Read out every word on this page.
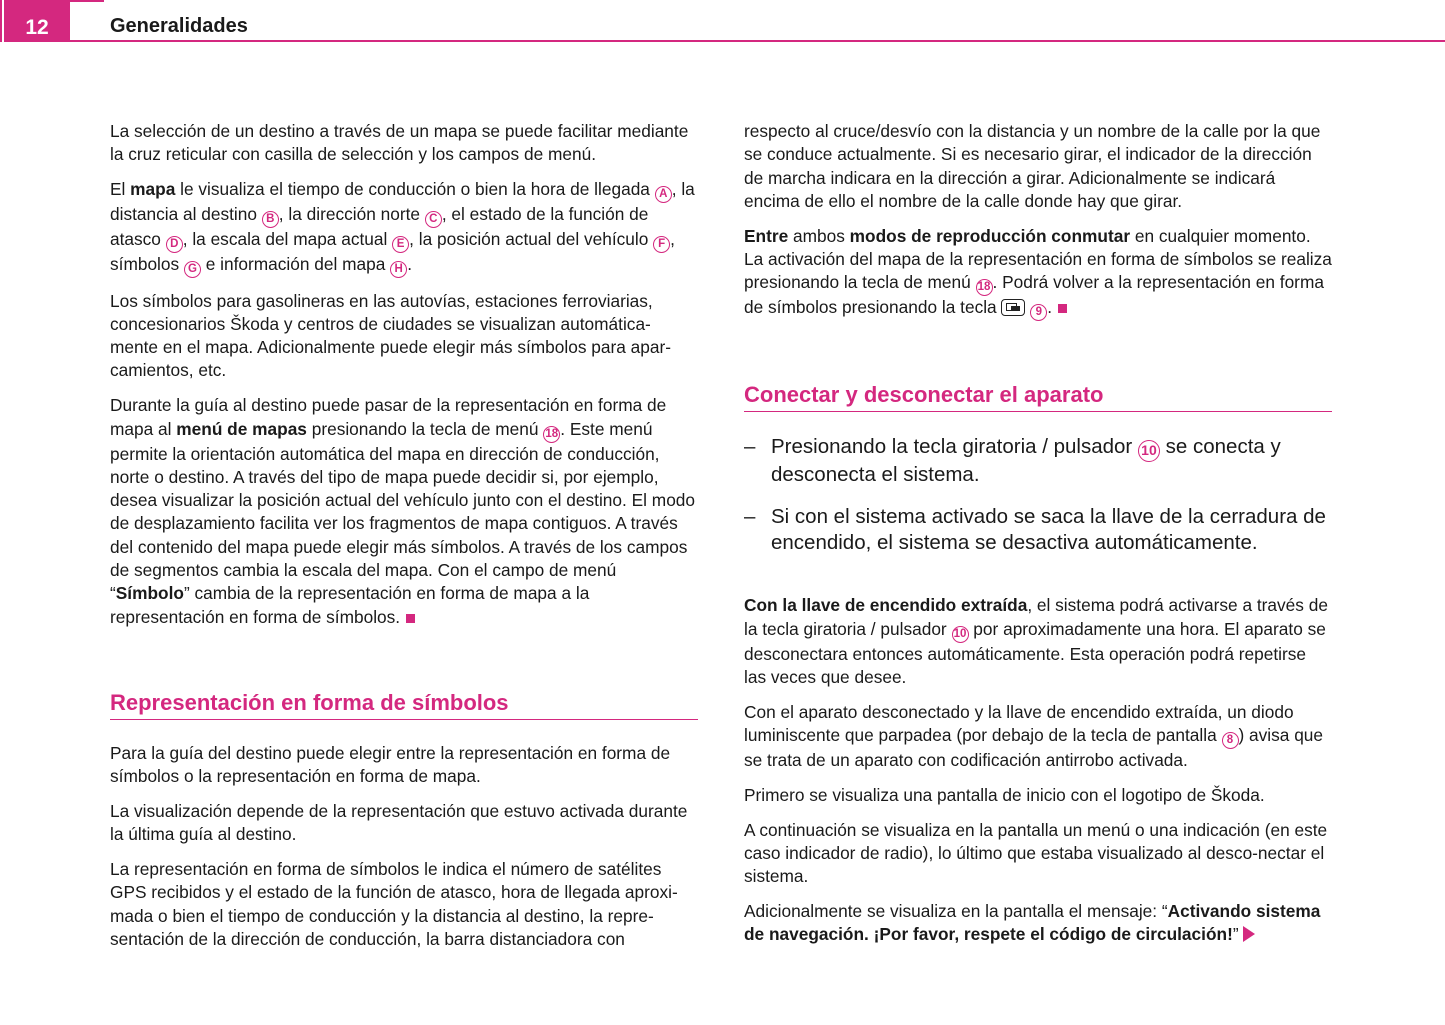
12	Generalidades
La selección de un destino a través de un mapa se puede facilitar mediante la cruz reticular con casilla de selección y los campos de menú.
El mapa le visualiza el tiempo de conducción o bien la hora de llegada A , la distancia al destino B , la dirección norte C , el estado de la función de atasco D , la escala del mapa actual E , la posición actual del vehículo F , símbolos G e información del mapa H .
Los símbolos para gasolineras en las autovías, estaciones ferroviarias, concesionarios Škoda y centros de ciudades se visualizan automática-mente en el mapa. Adicionalmente puede elegir más símbolos para apar-camientos, etc.
Durante la guía al destino puede pasar de la representación en forma de mapa al menú de mapas presionando la tecla de menú 18 . Este menú permite la orientación automática del mapa en dirección de conducción, norte o destino. A través del tipo de mapa puede decidir si, por ejemplo, desea visualizar la posición actual del vehículo junto con el destino. El modo de desplazamiento facilita ver los fragmentos de mapa contiguos. A través del contenido del mapa puede elegir más símbolos. A través de los campos de segmentos cambia la escala del mapa. Con el campo de menú “Símbolo” cambia de la representación en forma de mapa a la representación en forma de símbolos.
Representación en forma de símbolos
Para la guía del destino puede elegir entre la representación en forma de símbolos o la representación en forma de mapa.
La visualización depende de la representación que estuvo activada durante la última guía al destino.
La representación en forma de símbolos le indica el número de satélites GPS recibidos y el estado de la función de atasco, hora de llegada aproxi-mada o bien el tiempo de conducción y la distancia al destino, la repre-sentación de la dirección de conducción, la barra distanciadora con
respecto al cruce/desvío con la distancia y un nombre de la calle por la que se conduce actualmente. Si es necesario girar, el indicador de la dirección de marcha indicara en la dirección a girar. Adicionalmente se indicará encima de ello el nombre de la calle donde hay que girar.
Entre ambos modos de reproducción conmutar en cualquier momento. La activación del mapa de la representación en forma de símbolos se realiza presionando la tecla de menú 18 . Podrá volver a la representación en forma de símbolos presionando la tecla	9 .
Conectar y desconectar el aparato
– Presionando la tecla giratoria / pulsador 10 se conecta y desconecta el sistema.
– Si con el sistema activado se saca la llave de la cerradura de encendido, el sistema se desactiva automáticamente.
Con la llave de encendido extraída, el sistema podrá activarse a través de la tecla giratoria / pulsador 10 por aproximadamente una hora. El aparato se desconectara entonces automáticamente. Esta operación podrá repetirse las veces que desee.
Con el aparato desconectado y la llave de encendido extraída, un diodo luminiscente que parpadea (por debajo de la tecla de pantalla 8 ) avisa que se trata de un aparato con codificación antirrobo activada.
Primero se visualiza una pantalla de inicio con el logotipo de Škoda.
A continuación se visualiza en la pantalla un menú o una indicación (en este caso indicador de radio), lo último que estaba visualizado al desco-nectar el sistema.
Adicionalmente se visualiza en la pantalla el mensaje: “Activando sistema de navegación. ¡Por favor, respete el código de circulación!”
